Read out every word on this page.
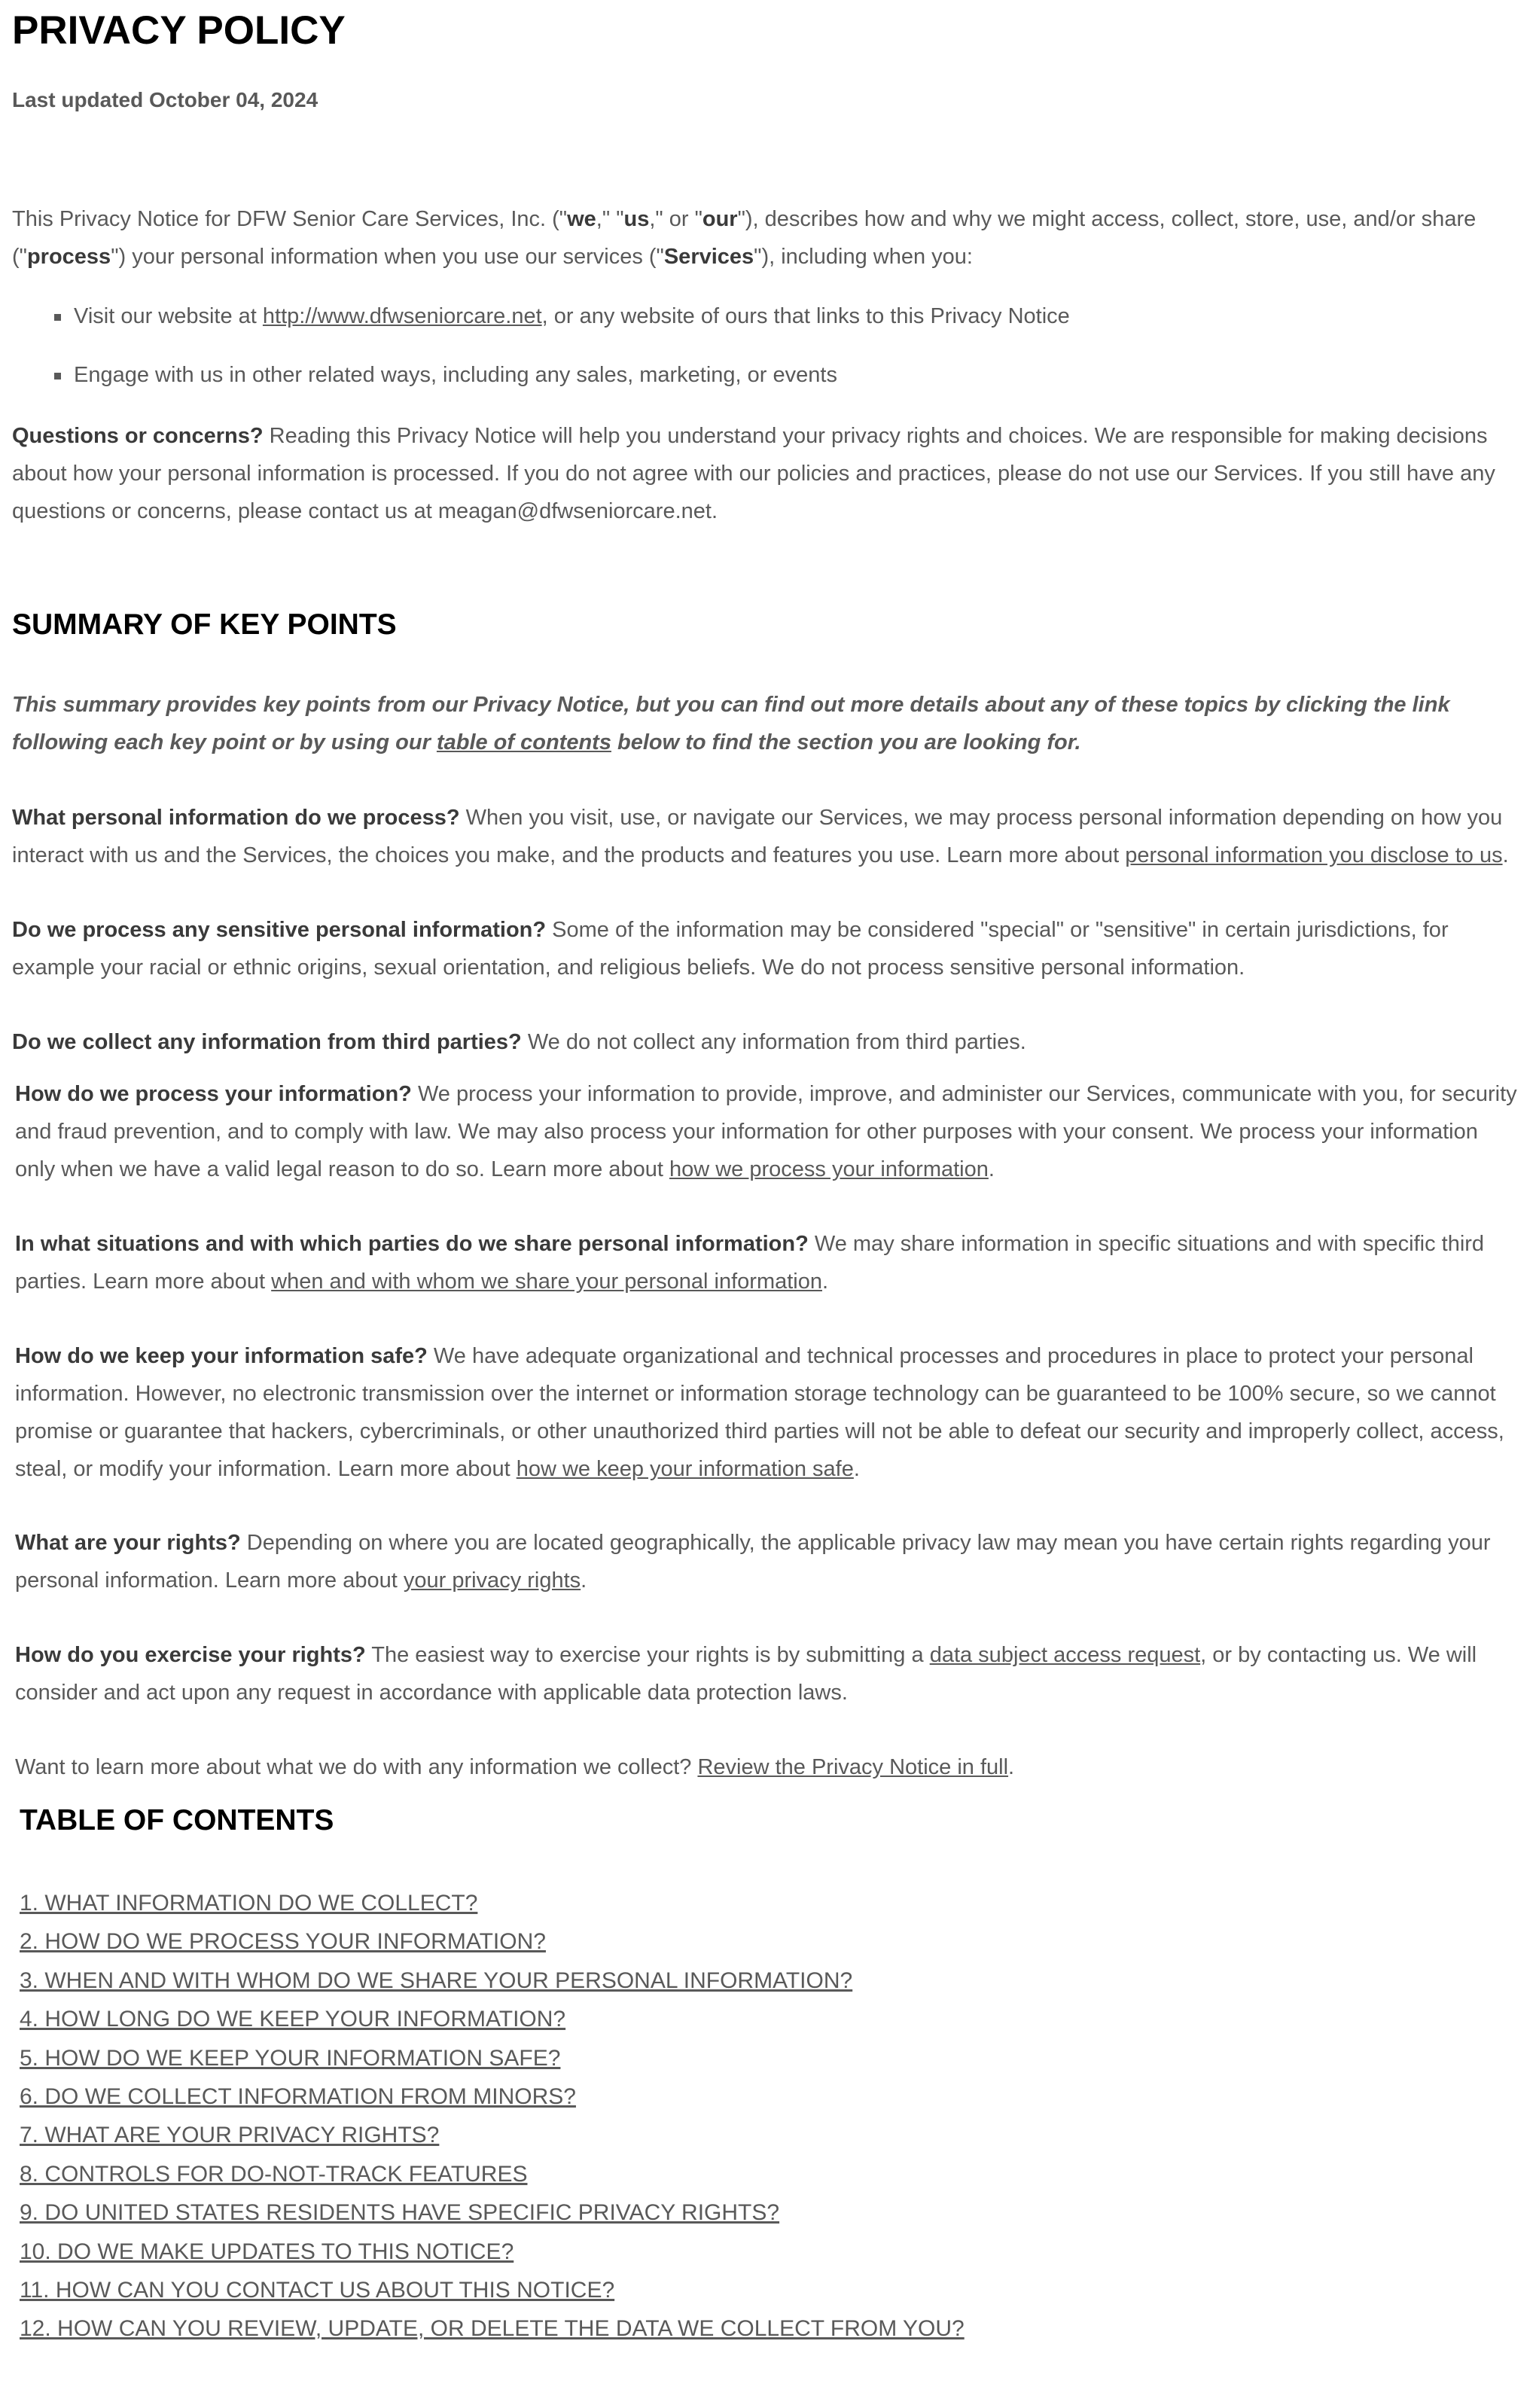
PRIVACY POLICY
Last updated October 04, 2024

This Privacy Notice for DFW Senior Care Services, Inc. ("we," "us," or "our"), describes how and why we might access, collect, store, use, and/or share ("process") your personal information when you use our services ("Services"), including when you:

Visit our website at http://www.dfwseniorcare.net, or any website of ours that links to this Privacy Notice
Engage with us in other related ways, including any sales, marketing, or events

Questions or concerns? Reading this Privacy Notice will help you understand your privacy rights and choices. We are responsible for making decisions about how your personal information is processed. If you do not agree with our policies and practices, please do not use our Services. If you still have any questions or concerns, please contact us at meagan@dfwseniorcare.net.

SUMMARY OF KEY POINTS

This summary provides key points from our Privacy Notice, but you can find out more details about any of these topics by clicking the link following each key point or by using our table of contents below to find the section you are looking for.

What personal information do we process? When you visit, use, or navigate our Services, we may process personal information depending on how you interact with us and the Services, the choices you make, and the products and features you use. Learn more about personal information you disclose to us.

Do we process any sensitive personal information? Some of the information may be considered "special" or "sensitive" in certain jurisdictions, for example your racial or ethnic origins, sexual orientation, and religious beliefs. We do not process sensitive personal information.

Do we collect any information from third parties? We do not collect any information from third parties.

How do we process your information? We process your information to provide, improve, and administer our Services, communicate with you, for security and fraud prevention, and to comply with law. We may also process your information for other purposes with your consent. We process your information only when we have a valid legal reason to do so. Learn more about how we process your information.

In what situations and with which parties do we share personal information? We may share information in specific situations and with specific third parties. Learn more about when and with whom we share your personal information.

How do we keep your information safe? We have adequate organizational and technical processes and procedures in place to protect your personal information. However, no electronic transmission over the internet or information storage technology can be guaranteed to be 100% secure, so we cannot promise or guarantee that hackers, cybercriminals, or other unauthorized third parties will not be able to defeat our security and improperly collect, access, steal, or modify your information. Learn more about how we keep your information safe.

What are your rights? Depending on where you are located geographically, the applicable privacy law may mean you have certain rights regarding your personal information. Learn more about your privacy rights.

How do you exercise your rights? The easiest way to exercise your rights is by submitting a data subject access request, or by contacting us. We will consider and act upon any request in accordance with applicable data protection laws.

Want to learn more about what we do with any information we collect? Review the Privacy Notice in full.

TABLE OF CONTENTS
1. WHAT INFORMATION DO WE COLLECT?
2. HOW DO WE PROCESS YOUR INFORMATION?
3. WHEN AND WITH WHOM DO WE SHARE YOUR PERSONAL INFORMATION?
4. HOW LONG DO WE KEEP YOUR INFORMATION?
5. HOW DO WE KEEP YOUR INFORMATION SAFE?
6. DO WE COLLECT INFORMATION FROM MINORS?
7. WHAT ARE YOUR PRIVACY RIGHTS?
8. CONTROLS FOR DO-NOT-TRACK FEATURES
9. DO UNITED STATES RESIDENTS HAVE SPECIFIC PRIVACY RIGHTS?
10. DO WE MAKE UPDATES TO THIS NOTICE?
11. HOW CAN YOU CONTACT US ABOUT THIS NOTICE?
12. HOW CAN YOU REVIEW, UPDATE, OR DELETE THE DATA WE COLLECT FROM YOU?
